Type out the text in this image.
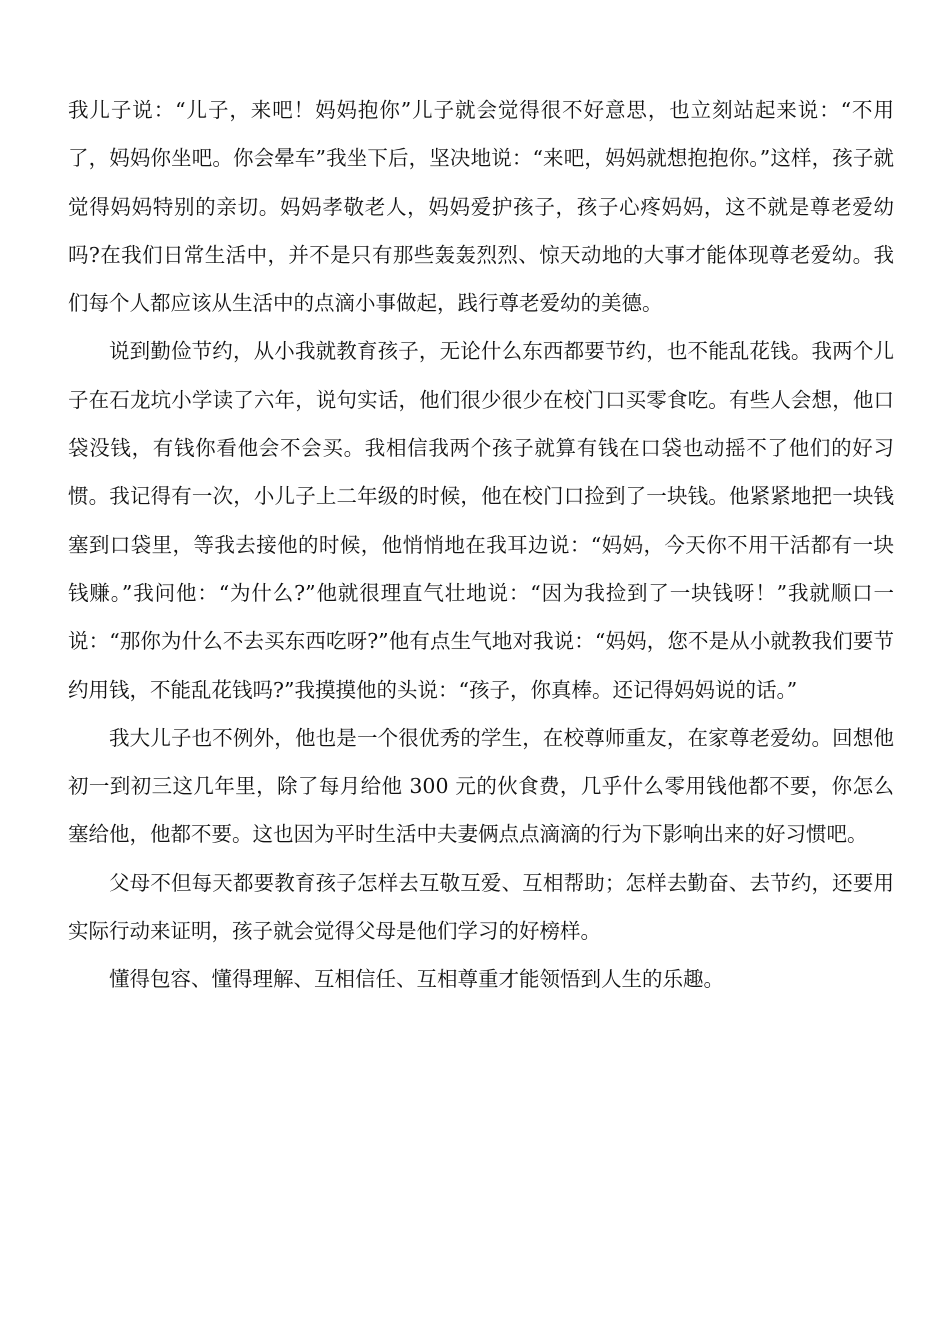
我儿子说：“儿子，来吧！妈妈抱你”儿子就会觉得很不好意思，也立刻站起来说：“不用了，妈妈你坐吧。你会晕车”我坐下后，坚决地说：“来吧，妈妈就想抱抱你。”这样，孩子就觉得妈妈特别的亲切。妈妈孝敬老人，妈妈爱护孩子，孩子心疼妈妈，这不就是尊老爱幼吗?在我们日常生活中，并不是只有那些轰轰烈烈、惊天动地的大事才能体现尊老爱幼。我们每个人都应该从生活中的点滴小事做起，践行尊老爱幼的美德。

说到勤俭节约，从小我就教育孩子，无论什么东西都要节约，也不能乱花钱。我两个儿子在石龙坑小学读了六年，说句实话，他们很少很少在校门口买零食吃。有些人会想，他口袋没钱，有钱你看他会不会买。我相信我两个孩子就算有钱在口袋也动摇不了他们的好习惯。我记得有一次，小儿子上二年级的时候，他在校门口捡到了一块钱。他紧紧地把一块钱塞到口袋里，等我去接他的时候，他悄悄地在我耳边说：“妈妈，今天你不用干活都有一块钱赚。”我问他：“为什么?”他就很理直气壮地说：“因为我捡到了一块钱呀！”我就顺口一说：“那你为什么不去买东西吃呀?”他有点生气地对我说：“妈妈，您不是从小就教我们要节约用钱，不能乱花钱吗?”我摸摸他的头说：“孩子，你真棒。还记得妈妈说的话。”

我大儿子也不例外，他也是一个很优秀的学生，在校尊师重友，在家尊老爱幼。回想他初一到初三这几年里，除了每月给他 300 元的伙食费，几乎什么零用钱他都不要，你怎么塞给他，他都不要。这也因为平时生活中夫妻俩点点滴滴的行为下影响出来的好习惯吧。

父母不但每天都要教育孩子怎样去互敬互爱、互相帮助；怎样去勤奋、去节约，还要用实际行动来证明，孩子就会觉得父母是他们学习的好榜样。

懂得包容、懂得理解、互相信任、互相尊重才能领悟到人生的乐趣。
